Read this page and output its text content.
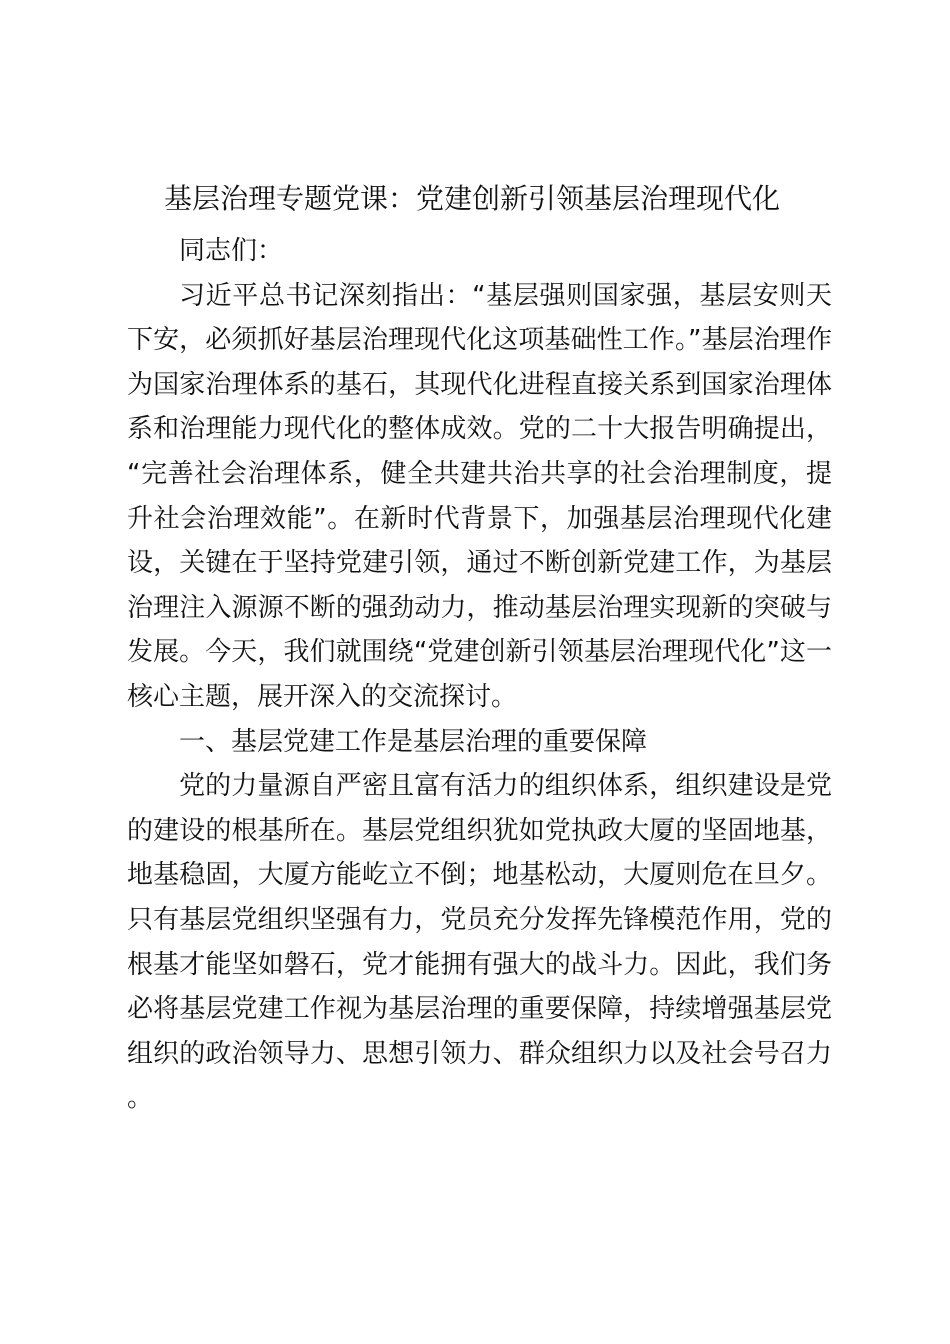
基层治理专题党课：党建创新引领基层治理现代化

同志们：

习近平总书记深刻指出：“基层强则国家强，基层安则天下安，必须抓好基层治理现代化这项基础性工作。”基层治理作为国家治理体系的基石，其现代化进程直接关系到国家治理体系和治理能力现代化的整体成效。党的二十大报告明确提出，“完善社会治理体系，健全共建共治共享的社会治理制度，提升社会治理效能”。在新时代背景下，加强基层治理现代化建设，关键在于坚持党建引领，通过不断创新党建工作，为基层治理注入源源不断的强劲动力，推动基层治理实现新的突破与发展。今天，我们就围绕“党建创新引领基层治理现代化”这一核心主题，展开深入的交流探讨。

一、基层党建工作是基层治理的重要保障

党的力量源自严密且富有活力的组织体系，组织建设是党的建设的根基所在。基层党组织犹如党执政大厦的坚固地基，地基稳固，大厦方能屹立不倒；地基松动，大厦则危在旦夕。只有基层党组织坚强有力，党员充分发挥先锋模范作用，党的根基才能坚如磐石，党才能拥有强大的战斗力。因此，我们务必将基层党建工作视为基层治理的重要保障，持续增强基层党组织的政治领导力、思想引领力、群众组织力以及社会号召力。
